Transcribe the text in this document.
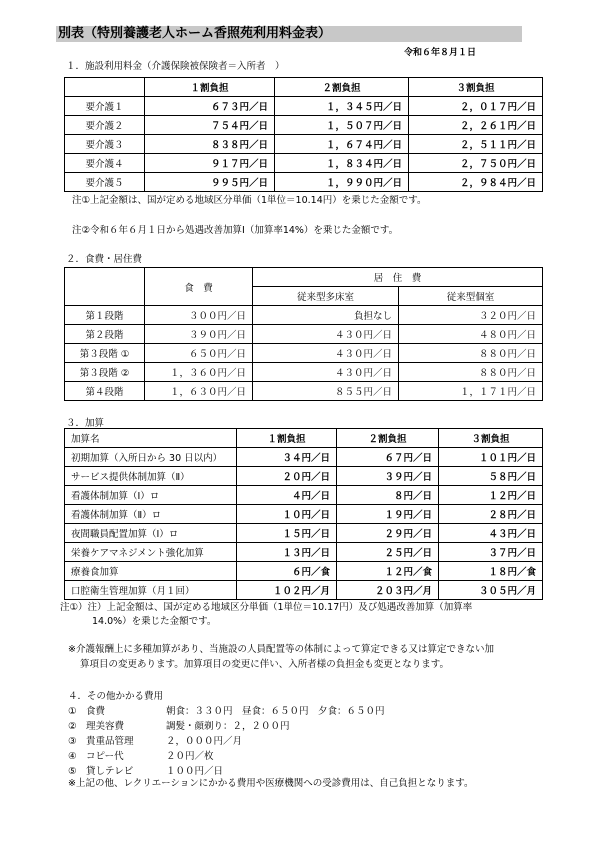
別表（特別養護老人ホーム香照苑利用料金表）
令和６年８月１日
１．施設利用料金（介護保険被保険者＝入所者　）
	１割負担	２割負担	３割負担
要介護１	６７３円／日	１，３４５円／日	２，０１７円／日
要介護２	７５４円／日	１，５０７円／日	２，２６１円／日
要介護３	８３８円／日	１，６７４円／日	２，５１１円／日
要介護４	９１７円／日	１，８３４円／日	２，７５０円／日
要介護５	９９５円／日	１，９９０円／日	２，９８４円／日
注①上記金額は、国が定める地域区分単価（1単位＝10.14円）を乗じた金額です。
注②令和６年６月１日から処遇改善加算Ⅰ（加算率14%）を乗じた金額です。
２．食費・居住費
	食　費	居　住　費	
		従来型多床室	従来型個室
第１段階	３００円／日	負担なし	３２０円／日
第２段階	３９０円／日	４３０円／日	４８０円／日
第３段階 ①	６５０円／日	４３０円／日	８８０円／日
第３段階 ②	１，３６０円／日	４３０円／日	８８０円／日
第４段階	１，６３０円／日	８５５円／日	１，１７１円／日
３．加算
加算名	１割負担	２割負担	３割負担
初期加算（入所日から 30 日以内）	３４円／日	６７円／日	１０１円／日
サービス提供体制加算（Ⅱ）	２０円／日	３９円／日	５８円／日
看護体制加算（Ⅰ）ロ	４円／日	８円／日	１２円／日
看護体制加算（Ⅱ）ロ	１０円／日	１９円／日	２８円／日
夜間職員配置加算（Ⅰ）ロ	１５円／日	２９円／日	４３円／日
栄養ケアマネジメント強化加算	１３円／日	２５円／日	３７円／日
療養食加算	６円／食	１２円／食	１８円／食
口腔衛生管理加算（月１回）	１０２円／月	２０３円／月	３０５円／月
注①）注）上記金額は、国が定める地域区分単価（1単位＝10.17円）及び処遇改善加算（加算率
14.0%）を乗じた金額です。
※介護報酬上に多種加算があり、当施設の人員配置等の体制によって算定できる又は算定できない加
算項目の変更あります。加算項目の変更に伴い、入所者様の負担金も変更となります。
４．その他かかる費用
① 食費	朝食：３３０円　昼食：６５０円　夕食：６５０円
② 理美容費	調髪・顔剃り：２，２００円
③ 貴重品管理	２，０００円／月
④ コピー代	２０円／枚
⑤ 貸しテレビ	１００円／日
※上記の他、レクリエーションにかかる費用や医療機関への受診費用は、自己負担となります。
